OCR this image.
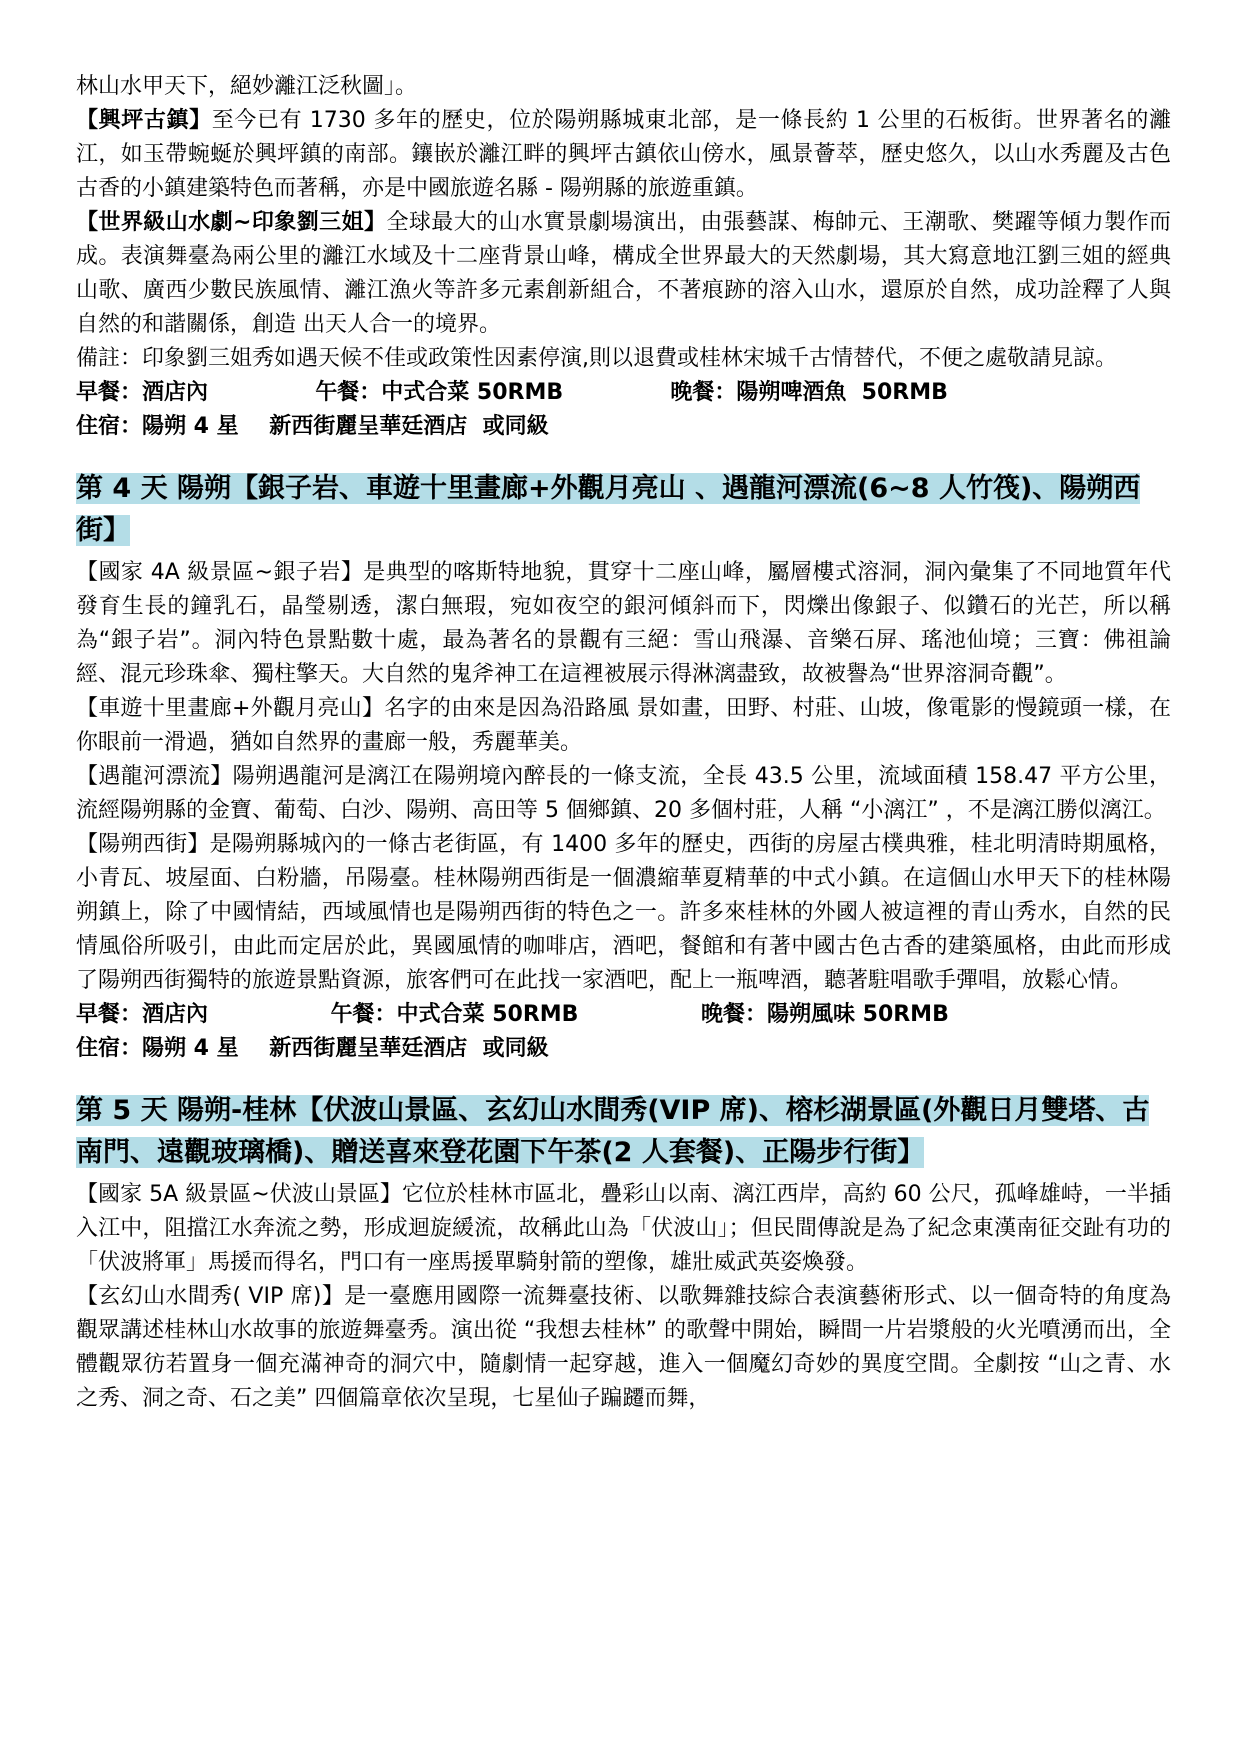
林山水甲天下，絕妙灕江泛秋圖」。

【興坪古鎮】至今已有 1730 多年的歷史，位於陽朔縣城東北部，是一條長約 1 公里的石板街。世界著名的灕江，如玉帶蜿蜒於興坪鎮的南部。鑲嵌於灕江畔的興坪古鎮依山傍水，風景薈萃，歷史悠久，以山水秀麗及古色古香的小鎮建築特色而著稱，亦是中國旅遊名縣 - 陽朔縣的旅遊重鎮。

【世界級山水劇~印象劉三姐】全球最大的山水實景劇場演出，由張藝謀、梅帥元、王潮歌、樊躍等傾力製作而成。表演舞臺為兩公里的灕江水域及十二座背景山峰，構成全世界最大的天然劇場，其大寫意地江劉三姐的經典山歌、廣西少數民族風情、灕江漁火等許多元素創新組合，不著痕跡的溶入山水，還原於自然，成功詮釋了人與自然的和諧關係，創造 出天人合一的境界。

備註：印象劉三姐秀如遇天候不佳或政策性因素停演,則以退費或桂林宋城千古情替代，不便之處敬請見諒。

早餐：酒店內              午餐：中式合菜 50RMB              晚餐：陽朔啤酒魚  50RMB

住宿：陽朔 4 星    新西街麗呈華廷酒店  或同級

第 4 天 陽朔【銀子岩、車遊十里畫廊+外觀月亮山 、遇龍河漂流(6~8 人竹筏)、陽朔西街】

【國家 4A 級景區~銀子岩】是典型的喀斯特地貌，貫穿十二座山峰，屬層樓式溶洞，洞內彙集了不同地質年代發育生長的鐘乳石，晶瑩剔透，潔白無瑕，宛如夜空的銀河傾斜而下，閃爍出像銀子、似鑽石的光芒，所以稱為“銀子岩”。洞內特色景點數十處，最為著名的景觀有三絕：雪山飛瀑、音樂石屏、瑤池仙境；三寶：佛祖論經、混元珍珠傘、獨柱擎天。大自然的鬼斧神工在這裡被展示得淋漓盡致，故被譽為“世界溶洞奇觀”。

【車遊十里畫廊+外觀月亮山】名字的由來是因為沿路風 景如畫，田野、村莊、山坡，像電影的慢鏡頭一樣，在你眼前一滑過，猶如自然界的畫廊一般，秀麗華美。

【遇龍河漂流】陽朔遇龍河是漓江在陽朔境內醉長的一條支流，全長 43.5 公里，流域面積 158.47 平方公里，流經陽朔縣的金寶、葡萄、白沙、陽朔、高田等 5 個鄉鎮、20 多個村莊，人稱 “小漓江” ，不是漓江勝似漓江。

【陽朔西街】是陽朔縣城內的一條古老街區，有 1400 多年的歷史，西街的房屋古樸典雅，桂北明清時期風格，小青瓦、坡屋面、白粉牆，吊陽臺。桂林陽朔西街是一個濃縮華夏精華的中式小鎮。在這個山水甲天下的桂林陽朔鎮上，除了中國情結，西域風情也是陽朔西街的特色之一。許多來桂林的外國人被這裡的青山秀水，自然的民情風俗所吸引，由此而定居於此，異國風情的咖啡店，酒吧，餐館和有著中國古色古香的建築風格，由此而形成了陽朔西街獨特的旅遊景點資源，旅客們可在此找一家酒吧，配上一瓶啤酒，聽著駐唱歌手彈唱，放鬆心情。

早餐：酒店內                午餐：中式合菜 50RMB                晚餐：陽朔風味 50RMB

住宿：陽朔 4 星    新西街麗呈華廷酒店  或同級

第 5 天 陽朔-桂林【伏波山景區、玄幻山水間秀(VIP 席)、榕杉湖景區(外觀日月雙塔、古南門、遠觀玻璃橋)、贈送喜來登花園下午茶(2 人套餐)、正陽步行街】

【國家 5A 級景區~伏波山景區】它位於桂林市區北，疊彩山以南、漓江西岸，高約 60 公尺，孤峰雄峙，一半插入江中，阻擋江水奔流之勢，形成迴旋緩流，故稱此山為「伏波山」；但民間傳說是為了紀念東漢南征交趾有功的「伏波將軍」馬援而得名，門口有一座馬援單騎射箭的塑像，雄壯威武英姿煥發。

【玄幻山水間秀( VIP 席)】是一臺應用國際一流舞臺技術、以歌舞雜技綜合表演藝術形式、以一個奇特的角度為觀眾講述桂林山水故事的旅遊舞臺秀。演出從 “我想去桂林” 的歌聲中開始，瞬間一片岩漿般的火光噴湧而出，全體觀眾彷若置身一個充滿神奇的洞穴中，隨劇情一起穿越，進入一個魔幻奇妙的異度空間。全劇按 “山之青、水之秀、洞之奇、石之美” 四個篇章依次呈現，七星仙子蹁躚而舞，
